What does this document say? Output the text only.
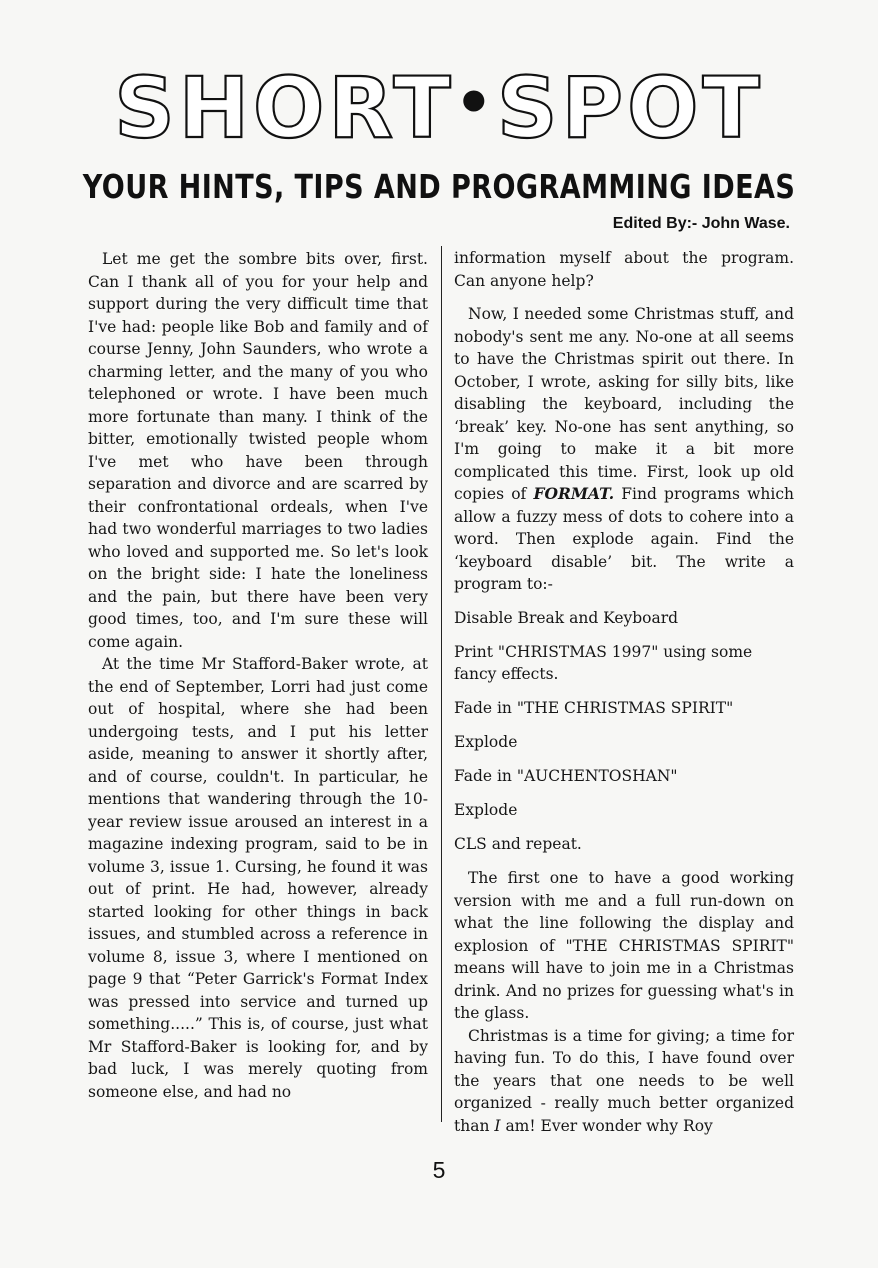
SHORT•SPOT
YOUR HINTS, TIPS AND PROGRAMMING IDEAS
Edited By:- John Wase.

Let me get the sombre bits over, first. Can I thank all of you for your help and support during the very difficult time that I've had: people like Bob and family and of course Jenny, John Saunders, who wrote a charming letter, and the many of you who telephoned or wrote. I have been much more fortunate than many. I think of the bitter, emotionally twisted people whom I've met who have been through separation and divorce and are scarred by their confrontational ordeals, when I've had two wonderful marriages to two ladies who loved and supported me. So let's look on the bright side: I hate the loneliness and the pain, but there have been very good times, too, and I'm sure these will come again.

At the time Mr Stafford-Baker wrote, at the end of September, Lorri had just come out of hospital, where she had been undergoing tests, and I put his letter aside, meaning to answer it shortly after, and of course, couldn't. In particular, he mentions that wandering through the 10-year review issue aroused an interest in a magazine indexing program, said to be in volume 3, issue 1. Cursing, he found it was out of print. He had, however, already started looking for other things in back issues, and stumbled across a reference in volume 8, issue 3, where I mentioned on page 9 that “Peter Garrick's Format Index was pressed into service and turned up something.....” This is, of course, just what Mr Stafford-Baker is looking for, and by bad luck, I was merely quoting from someone else, and had no

information myself about the program. Can anyone help?

Now, I needed some Christmas stuff, and nobody's sent me any. No-one at all seems to have the Christmas spirit out there. In October, I wrote, asking for silly bits, like disabling the keyboard, including the ‘break’ key. No-one has sent anything, so I'm going to make it a bit more complicated this time. First, look up old copies of FORMAT. Find programs which allow a fuzzy mess of dots to cohere into a word. Then explode again. Find the ‘keyboard disable’ bit. The write a program to:-

Disable Break and Keyboard

Print "CHRISTMAS 1997" using some fancy effects.

Fade in "THE CHRISTMAS SPIRIT"

Explode

Fade in "AUCHENTOSHAN"

Explode

CLS and repeat.

The first one to have a good working version with me and a full run-down on what the line following the display and explosion of "THE CHRISTMAS SPIRIT" means will have to join me in a Christmas drink. And no prizes for guessing what's in the glass.

Christmas is a time for giving; a time for having fun. To do this, I have found over the years that one needs to be well organized - really much better organized than I am! Ever wonder why Roy

5
